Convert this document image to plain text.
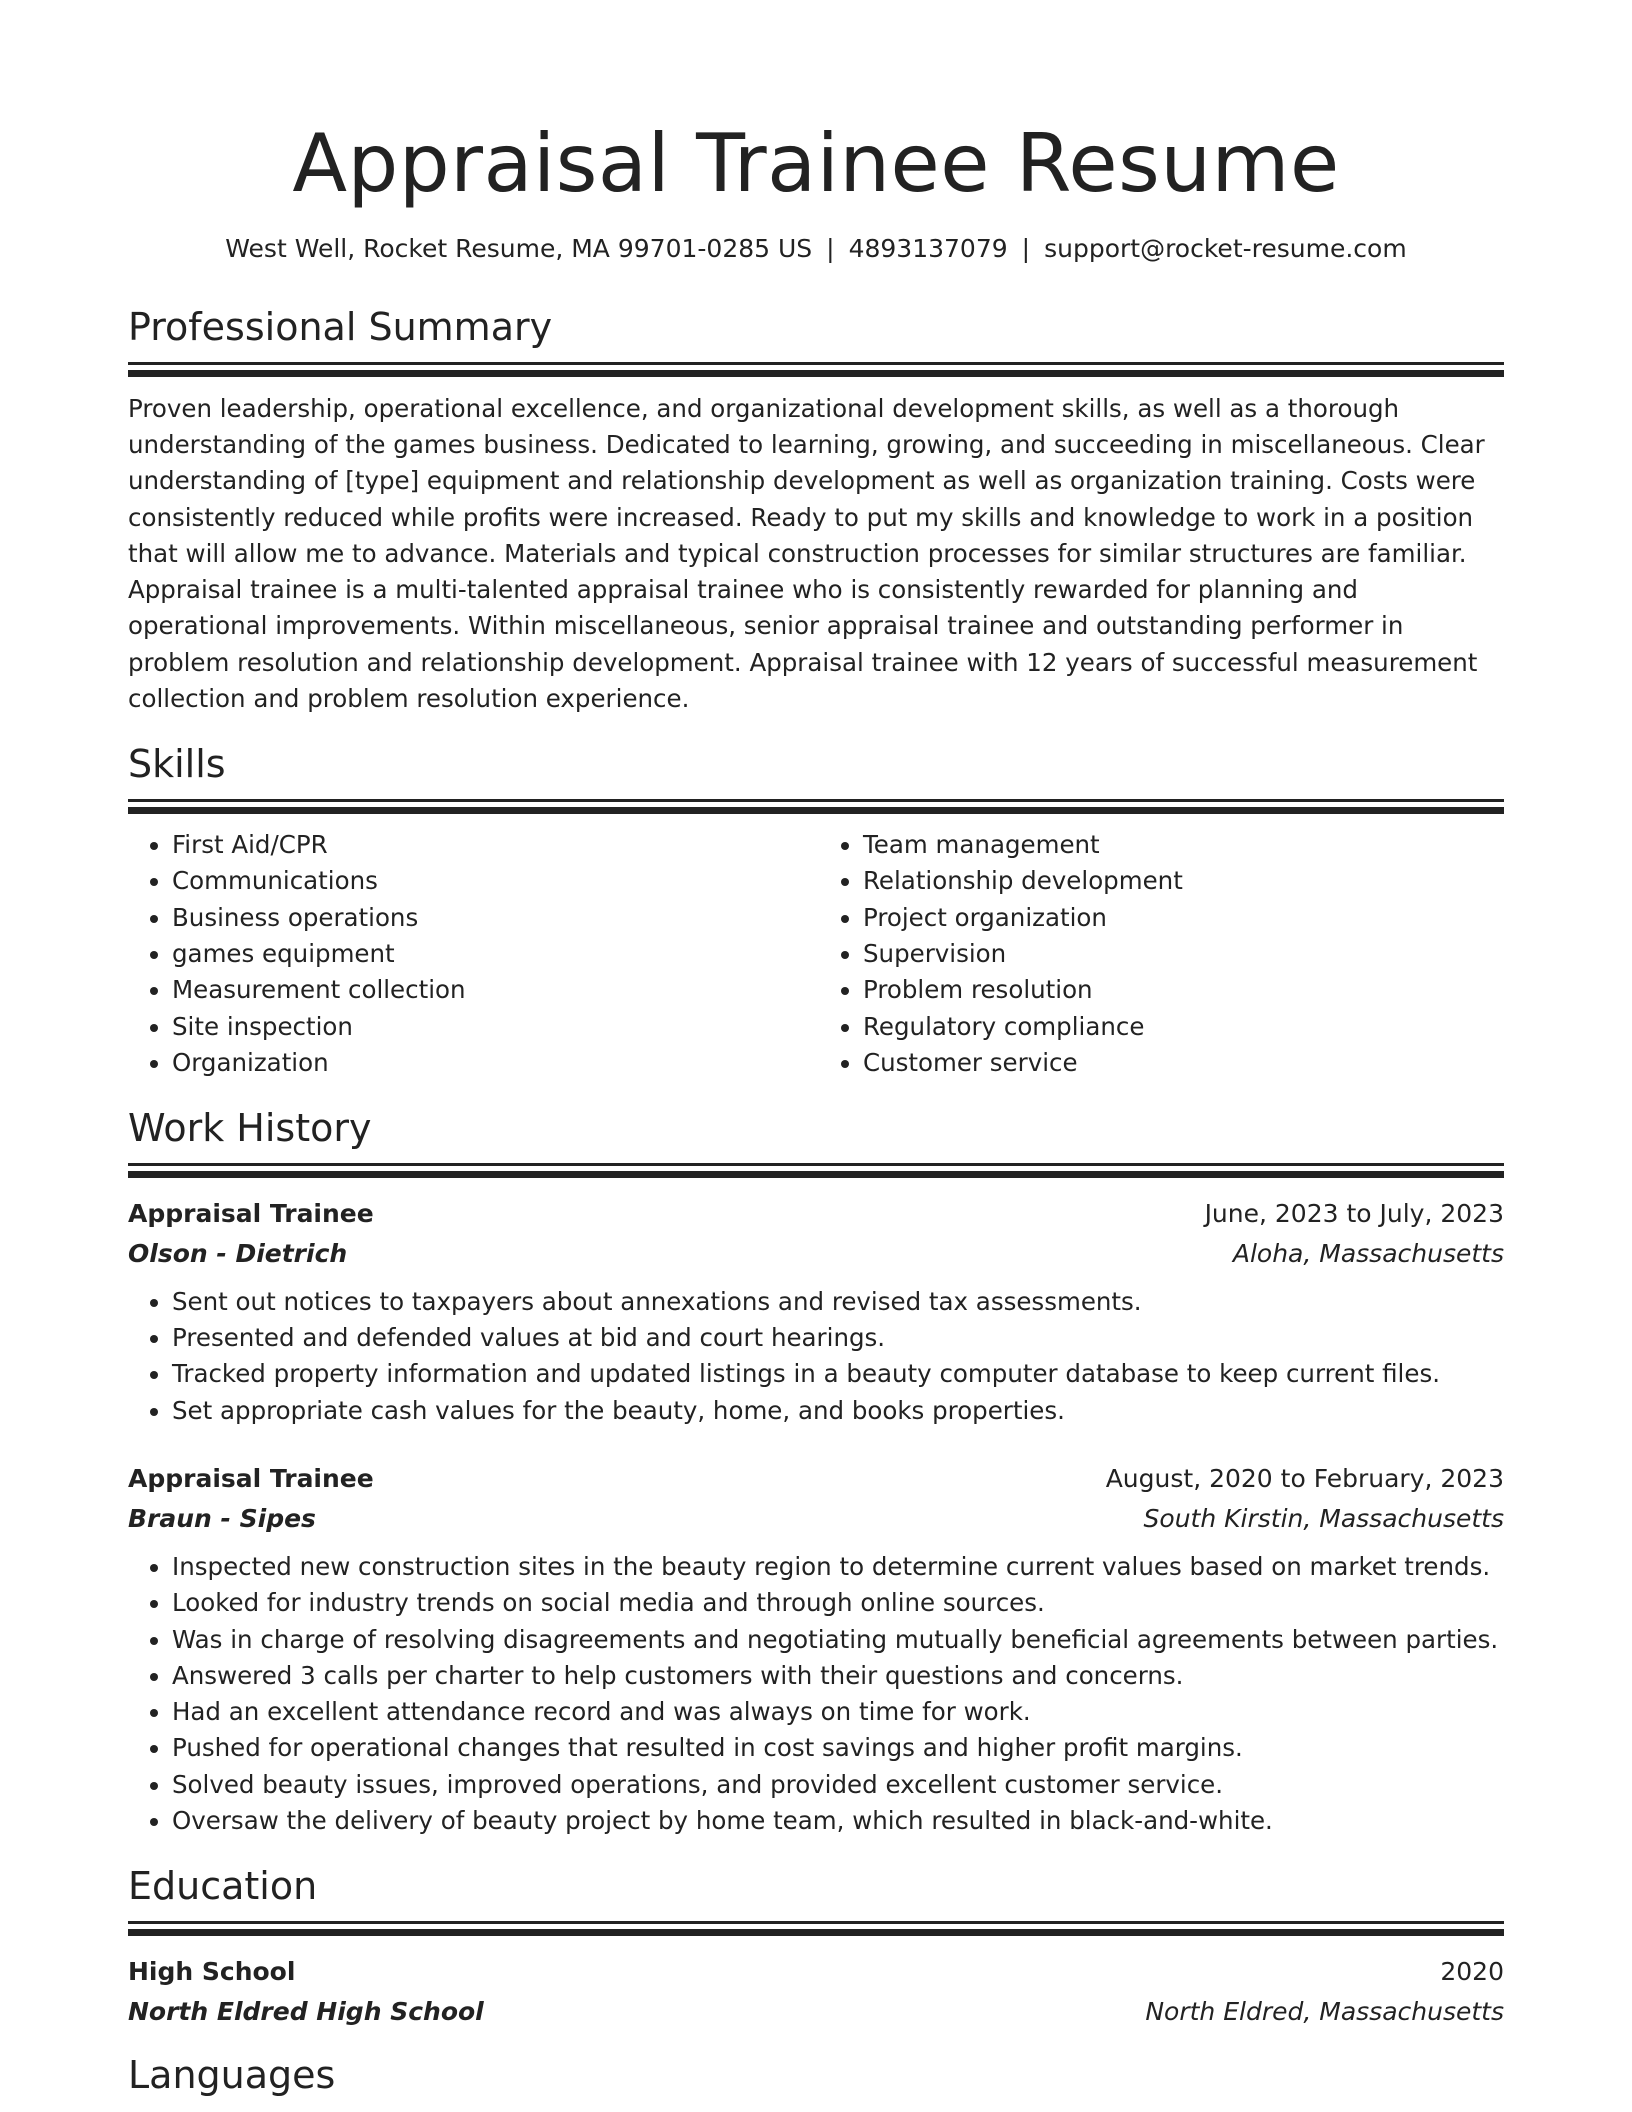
Appraisal Trainee Resume
West Well, Rocket Resume, MA 99701-0285 US | 4893137079 | support@rocket-resume.com
Professional Summary

Proven leadership, operational excellence, and organizational development skills, as well as a thorough understanding of the games business. Dedicated to learning, growing, and succeeding in miscellaneous. Clear understanding of [type] equipment and relationship development as well as organization training. Costs were consistently reduced while profits were increased. Ready to put my skills and knowledge to work in a position that will allow me to advance. Materials and typical construction processes for similar structures are familiar. Appraisal trainee is a multi-talented appraisal trainee who is consistently rewarded for planning and operational improvements. Within miscellaneous, senior appraisal trainee and outstanding performer in problem resolution and relationship development. Appraisal trainee with 12 years of successful measurement collection and problem resolution experience.

Skills
• First Aid/CPR
• Communications
• Business operations
• games equipment
• Measurement collection
• Site inspection
• Organization
• Team management
• Relationship development
• Project organization
• Supervision
• Problem resolution
• Regulatory compliance
• Customer service
Work History
Appraisal Trainee	June, 2023 to July, 2023
Olson - Dietrich	Aloha, Massachusetts
• Sent out notices to taxpayers about annexations and revised tax assessments.
• Presented and defended values at bid and court hearings.
• Tracked property information and updated listings in a beauty computer database to keep current files.
• Set appropriate cash values for the beauty, home, and books properties.
Appraisal Trainee	August, 2020 to February, 2023
Braun - Sipes	South Kirstin, Massachusetts
• Inspected new construction sites in the beauty region to determine current values based on market trends.
• Looked for industry trends on social media and through online sources.
• Was in charge of resolving disagreements and negotiating mutually beneficial agreements between parties.
• Answered 3 calls per charter to help customers with their questions and concerns.
• Had an excellent attendance record and was always on time for work.
• Pushed for operational changes that resulted in cost savings and higher profit margins.
• Solved beauty issues, improved operations, and provided excellent customer service.
• Oversaw the delivery of beauty project by home team, which resulted in black-and-white.
Education
High School	2020
North Eldred High School	North Eldred, Massachusetts
Languages
